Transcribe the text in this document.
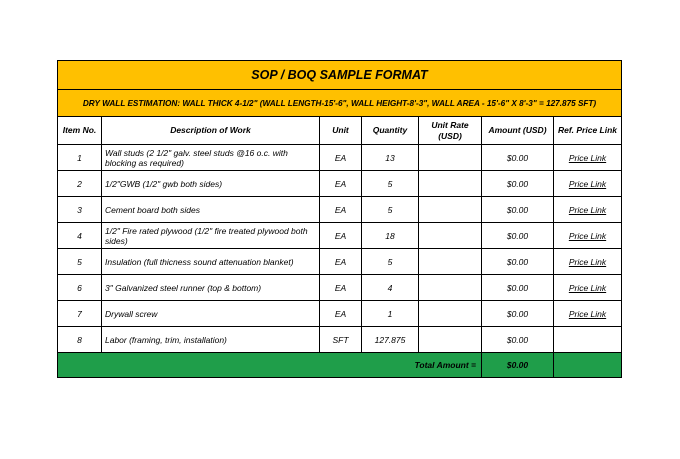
SOP / BOQ SAMPLE FORMAT						
DRY WALL ESTIMATION: WALL THICK 4-1/2" (WALL LENGTH-15'-6", WALL HEIGHT-8'-3", WALL AREA - 15'-6" X 8'-3" = 127.875 SFT)						
Item No.	Description of Work	Unit	Quantity	Unit Rate (USD)	Amount (USD)	Ref. Price Link
1	Wall studs (2 1/2" galv. steel studs @16 o.c. with blocking as required)	EA	13		$0.00	Price Link
2	1/2"GWB (1/2" gwb both sides)	EA	5		$0.00	Price Link
3	Cement board both sides	EA	5		$0.00	Price Link
4	1/2" Fire rated plywood (1/2" fire treated plywood both sides)	EA	18		$0.00	Price Link
5	Insulation (full thicness sound attenuation blanket)	EA	5		$0.00	Price Link
6	3" Galvanized steel runner (top & bottom)	EA	4		$0.00	Price Link
7	Drywall screw	EA	1		$0.00	Price Link
8	Labor (framing, trim, installation)	SFT	127.875		$0.00	
Total Amount =					$0.00	
